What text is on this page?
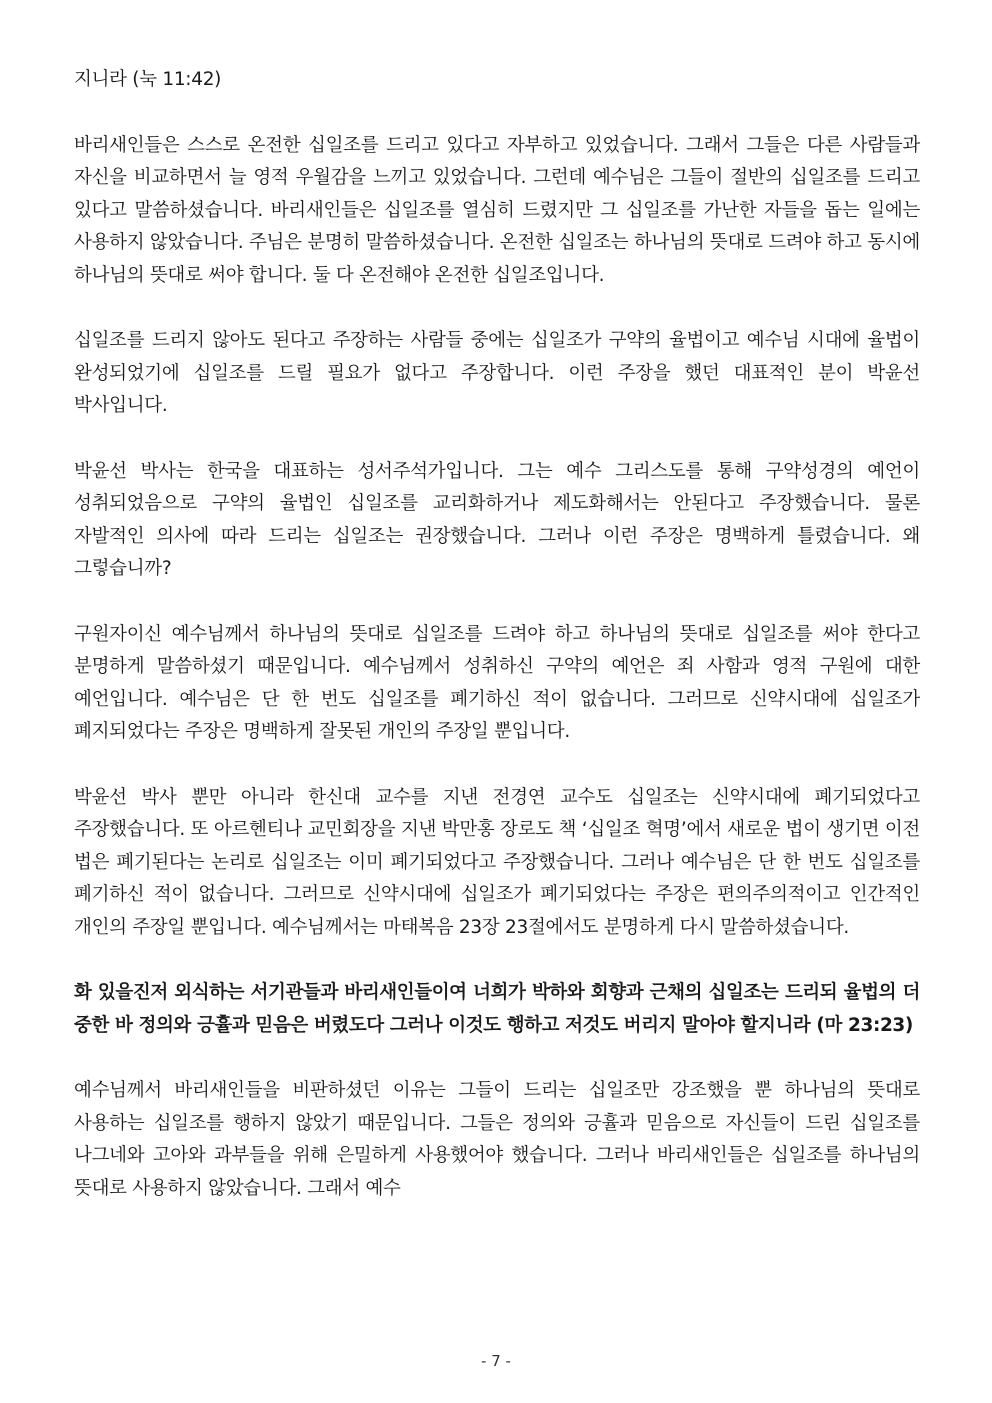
지니라 (눅 11:42)

바리새인들은 스스로 온전한 십일조를 드리고 있다고 자부하고 있었습니다. 그래서 그들은 다른 사람들과 자신을 비교하면서 늘 영적 우월감을 느끼고 있었습니다. 그런데 예수님은 그들이 절반의 십일조를 드리고 있다고 말씀하셨습니다. 바리새인들은 십일조를 열심히 드렸지만 그 십일조를 가난한 자들을 돕는 일에는 사용하지 않았습니다. 주님은 분명히 말씀하셨습니다. 온전한 십일조는 하나님의 뜻대로 드려야 하고 동시에 하나님의 뜻대로 써야 합니다. 둘 다 온전해야 온전한 십일조입니다.

십일조를 드리지 않아도 된다고 주장하는 사람들 중에는 십일조가 구약의 율법이고 예수님 시대에 율법이 완성되었기에 십일조를 드릴 필요가 없다고 주장합니다. 이런 주장을 했던 대표적인 분이 박윤선 박사입니다.

박윤선 박사는 한국을 대표하는 성서주석가입니다. 그는 예수 그리스도를 통해 구약성경의 예언이 성취되었음으로 구약의 율법인 십일조를 교리화하거나 제도화해서는 안된다고 주장했습니다. 물론 자발적인 의사에 따라 드리는 십일조는 권장했습니다. 그러나 이런 주장은 명백하게 틀렸습니다. 왜 그렇습니까?

구원자이신 예수님께서 하나님의 뜻대로 십일조를 드려야 하고 하나님의 뜻대로 십일조를 써야 한다고 분명하게 말씀하셨기 때문입니다. 예수님께서 성취하신 구약의 예언은 죄 사함과 영적 구원에 대한 예언입니다. 예수님은 단 한 번도 십일조를 폐기하신 적이 없습니다. 그러므로 신약시대에 십일조가 폐지되었다는 주장은 명백하게 잘못된 개인의 주장일 뿐입니다.

박윤선 박사 뿐만 아니라 한신대 교수를 지낸 전경연 교수도 십일조는 신약시대에 폐기되었다고 주장했습니다. 또 아르헨티나 교민회장을 지낸 박만홍 장로도 책 ‘십일조 혁명’에서 새로운 법이 생기면 이전 법은 폐기된다는 논리로 십일조는 이미 폐기되었다고 주장했습니다. 그러나 예수님은 단 한 번도 십일조를 폐기하신 적이 없습니다. 그러므로 신약시대에 십일조가 폐기되었다는 주장은 편의주의적이고 인간적인 개인의 주장일 뿐입니다. 예수님께서는 마태복음 23장 23절에서도 분명하게 다시 말씀하셨습니다.

화 있을진저 외식하는 서기관들과 바리새인들이여 너희가 박하와 회향과 근채의 십일조는 드리되 율법의 더 중한 바 정의와 긍휼과 믿음은 버렸도다 그러나 이것도 행하고 저것도 버리지 말아야 할지니라 (마 23:23)

예수님께서 바리새인들을 비판하셨던 이유는 그들이 드리는 십일조만 강조했을 뿐 하나님의 뜻대로 사용하는 십일조를 행하지 않았기 때문입니다. 그들은 정의와 긍휼과 믿음으로 자신들이 드린 십일조를 나그네와 고아와 과부들을 위해 은밀하게 사용했어야 했습니다. 그러나 바리새인들은 십일조를 하나님의 뜻대로 사용하지 않았습니다. 그래서 예수

- 7 -
